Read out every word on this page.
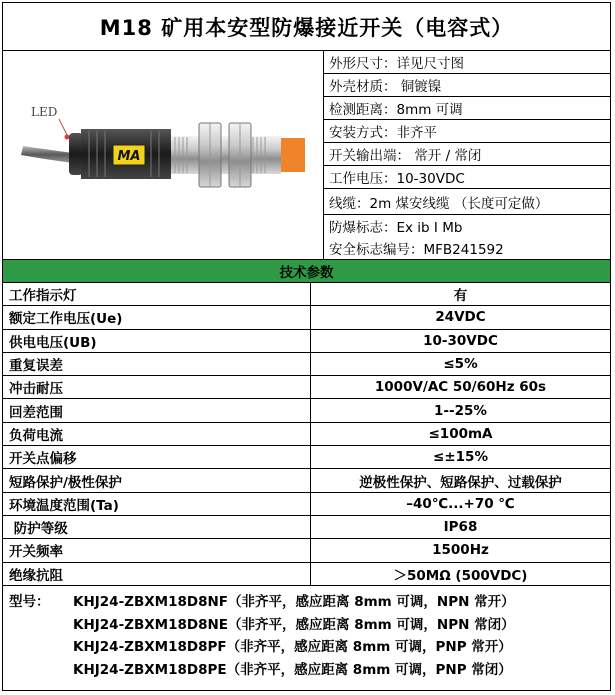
M18 矿用本安型防爆接近开关（电容式）
LED
MA
外形尺寸：详见尺寸图
外壳材质： 铜镀镍
检测距离：8mm 可调
安装方式：非齐平
开关输出端： 常开 / 常闭
工作电压：10-30VDC
线缆：2m 煤安线缆 （长度可定做）
防爆标志：Ex ib I Mb
安全标志编号：MFB241592
技术参数
工作指示灯	有
额定工作电压(Ue)	24VDC
供电电压(UB)	10-30VDC
重复误差	≤5%
冲击耐压	1000V/AC 50/60Hz 60s
回差范围	1--25%
负荷电流	≤100mA
开关点偏移	≤±15%
短路保护/极性保护	逆极性保护、短路保护、过载保护
环境温度范围(Ta)	–40℃...+70 ℃
防护等级	IP68
开关频率	1500Hz
绝缘抗阻	＞50MΩ (500VDC)
型号：	KHJ24-ZBXM18D8NF（非齐平，感应距离 8mm 可调，NPN 常开）
KHJ24-ZBXM18D8NE（非齐平，感应距离 8mm 可调，NPN 常闭）
KHJ24-ZBXM18D8PF（非齐平，感应距离 8mm 可调，PNP 常开）
KHJ24-ZBXM18D8PE（非齐平，感应距离 8mm 可调，PNP 常闭）
